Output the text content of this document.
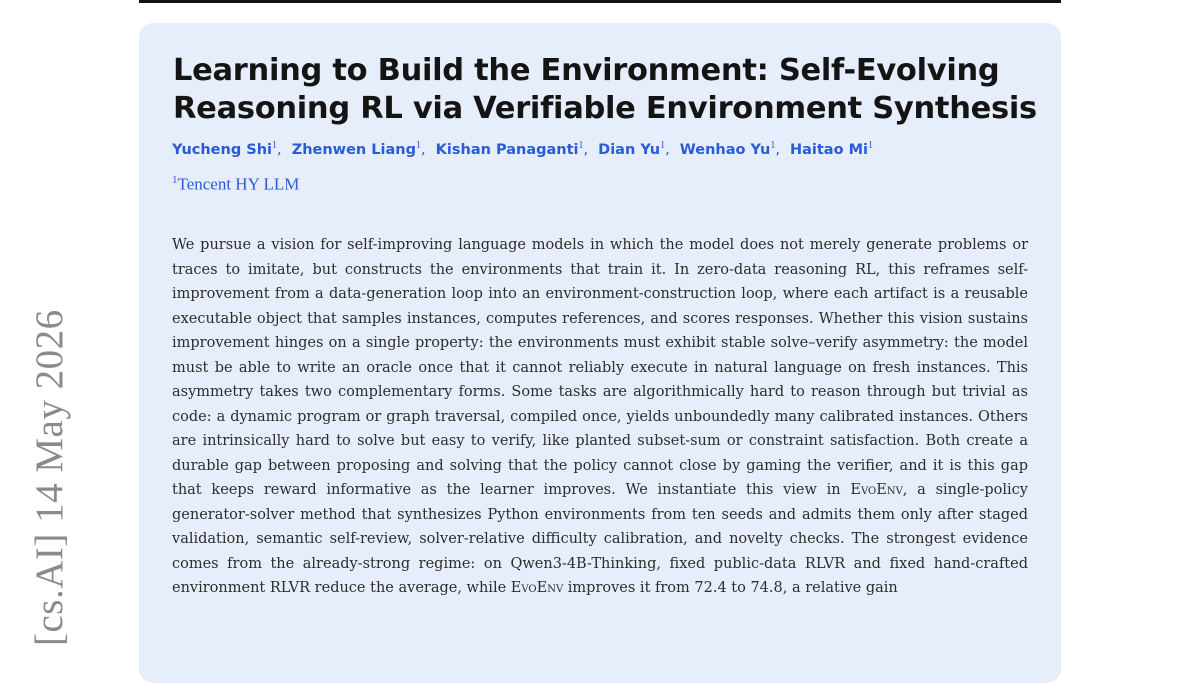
[cs.AI] 14 May 2026
Learning to Build the Environment: Self-Evolving Reasoning RL via Verifiable Environment Synthesis
Yucheng Shi$^1$, Zhenwen Liang$^1$, Kishan Panaganti$^1$, Dian Yu$^1$, Wenhao Yu$^1$, Haitao Mi$^1$
$^1$Tencent HY LLM

We pursue a vision for self-improving language models in which the model does not merely generate problems or traces to imitate, but constructs the environments that train it. In zero-data reasoning RL, this reframes self-improvement from a data-generation loop into an environment-construction loop, where each artifact is a reusable executable object that samples instances, computes references, and scores responses. Whether this vision sustains improvement hinges on a single property: the environments must exhibit stable solve–verify asymmetry: the model must be able to write an oracle once that it cannot reliably execute in natural language on fresh instances. This asymmetry takes two complementary forms. Some tasks are algorithmically hard to reason through but trivial as code: a dynamic program or graph traversal, compiled once, yields unboundedly many calibrated instances. Others are intrinsically hard to solve but easy to verify, like planted subset-sum or constraint satisfaction. Both create a durable gap between proposing and solving that the policy cannot close by gaming the verifier, and it is this gap that keeps reward informative as the learner improves. We instantiate this view in EvoEnv, a single-policy generator-solver method that synthesizes Python environments from ten seeds and admits them only after staged validation, semantic self-review, solver-relative difficulty calibration, and novelty checks. The strongest evidence comes from the already-strong regime: on Qwen3-4B-Thinking, fixed public-data RLVR and fixed hand-crafted environment RLVR reduce the average, while EvoEnv improves it from 72.4 to 74.8, a relative gain
